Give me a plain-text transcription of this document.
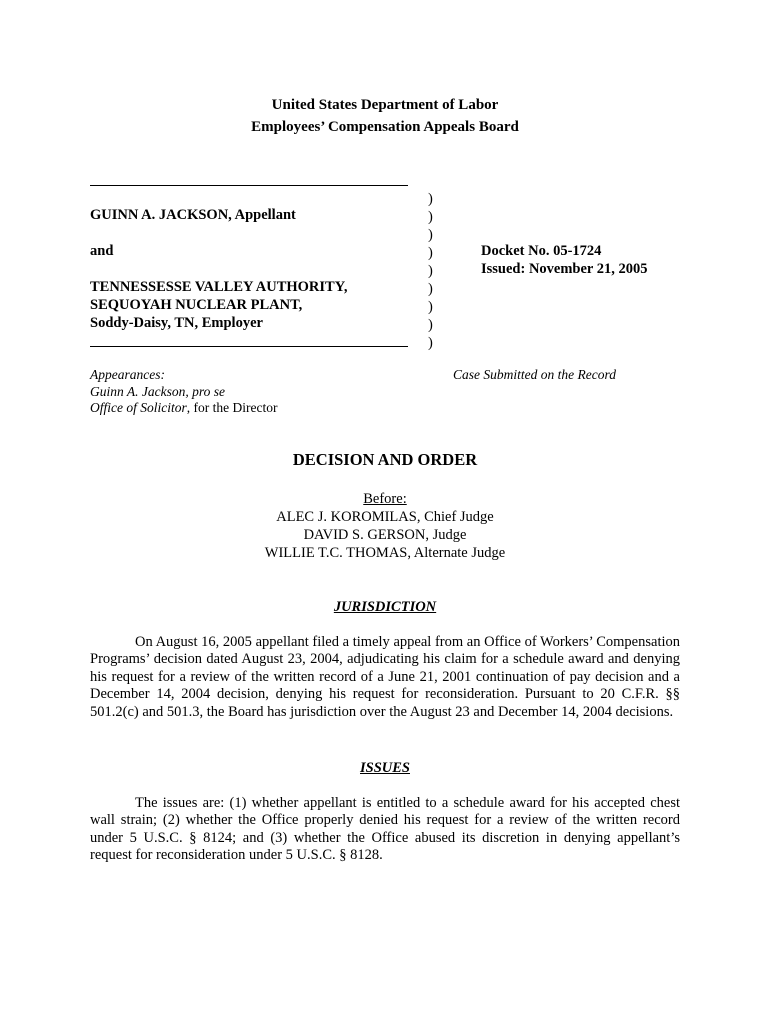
United States Department of Labor
Employees’ Compensation Appeals Board
GUINN A. JACKSON, Appellant
and
TENNESSESSE VALLEY AUTHORITY,
SEQUOYAH NUCLEAR PLANT,
Soddy-Daisy, TN, Employer
)
)
)
)
)
)
)
)
)
Docket No. 05-1724
Issued: November 21, 2005
Appearances:
Guinn A. Jackson, pro se
Office of Solicitor, for the Director
Case Submitted on the Record
DECISION AND ORDER
Before:
ALEC J. KOROMILAS, Chief Judge
DAVID S. GERSON, Judge
WILLIE T.C. THOMAS, Alternate Judge
JURISDICTION
On August 16, 2005 appellant filed a timely appeal from an Office of Workers’ Compensation Programs’ decision dated August 23, 2004, adjudicating his claim for a schedule award and denying his request for a review of the written record of a June 21, 2001 continuation of pay decision and a December 14, 2004 decision, denying his request for reconsideration. Pursuant to 20 C.F.R. §§ 501.2(c) and 501.3, the Board has jurisdiction over the August 23 and December 14, 2004 decisions.
ISSUES
The issues are: (1) whether appellant is entitled to a schedule award for his accepted chest wall strain; (2) whether the Office properly denied his request for a review of the written record under 5 U.S.C. § 8124; and (3) whether the Office abused its discretion in denying appellant’s request for reconsideration under 5 U.S.C. § 8128.
